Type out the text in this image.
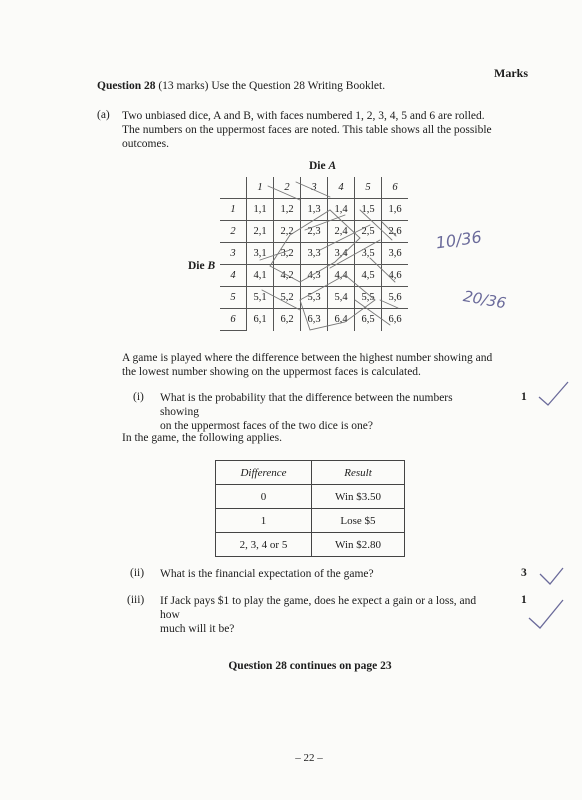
Marks
Question 28 (13 marks) Use the Question 28 Writing Booklet.
(a) Two unbiased dice, A and B, with faces numbered 1, 2, 3, 4, 5 and 6 are rolled.
The numbers on the uppermost faces are noted. This table shows all the possible
outcomes.
Die A
Die B
	1	2	3	4	5	6
1	1,1	1,2	1,3	1,4	1,5	1,6
2	2,1	2,2	2,3	2,4	2,5	2,6
3	3,1	3,2	3,3	3,4	3,5	3,6
4	4,1	4,2	4,3	4,4	4,5	4,6
5	5,1	5,2	5,3	5,4	5,5	5,6
6	6,1	6,2	6,3	6,4	6,5	6,6
A game is played where the difference between the highest number showing and
the lowest number showing on the uppermost faces is calculated.
(i) What is the probability that the difference between the numbers showing
on the uppermost faces of the two dice is one?
1
In the game, the following applies.
Difference	Result
0	Win $3.50
1	Lose $5
2, 3, 4 or 5	Win $2.80
(ii) What is the financial expectation of the game?	3
(iii) If Jack pays $1 to play the game, does he expect a gain or a loss, and how
much will it be?
1
Question 28 continues on page 23
– 22 –
10/36
20/36
